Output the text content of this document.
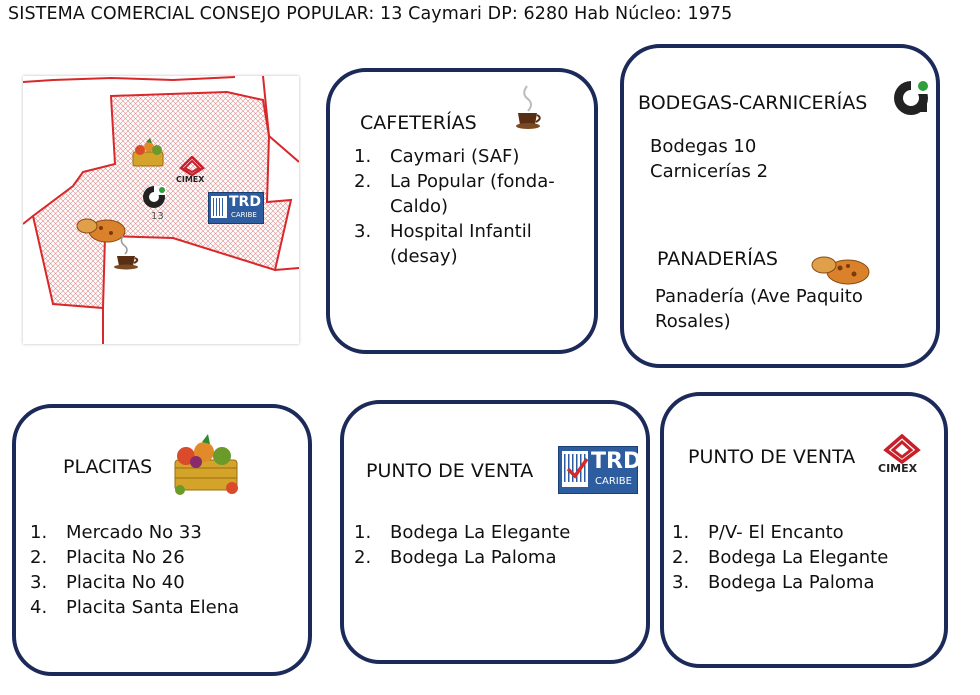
SISTEMA COMERCIAL CONSEJO POPULAR: 13 Caymari DP: 6280 Hab Núcleo: 1975
13
CIMEX
TRD
CARIBE
CAFETERÍAS
1. Caymari (SAF)
2. La Popular (fonda-Caldo)
3. Hospital Infantil (desay)
BODEGAS-CARNICERÍAS
Bodegas 10
Carnicerías 2
PANADERÍAS
Panadería (Ave Paquito Rosales)
PLACITAS
1. Mercado No 33
2. Placita No 26
3. Placita No 40
4. Placita Santa Elena
PUNTO DE VENTA	TRD
CARIBE
1. Bodega La Elegante
2. Bodega La Paloma
PUNTO DE VENTA
CIMEX
1. P/V- El Encanto
2. Bodega La Elegante
3. Bodega La Paloma
